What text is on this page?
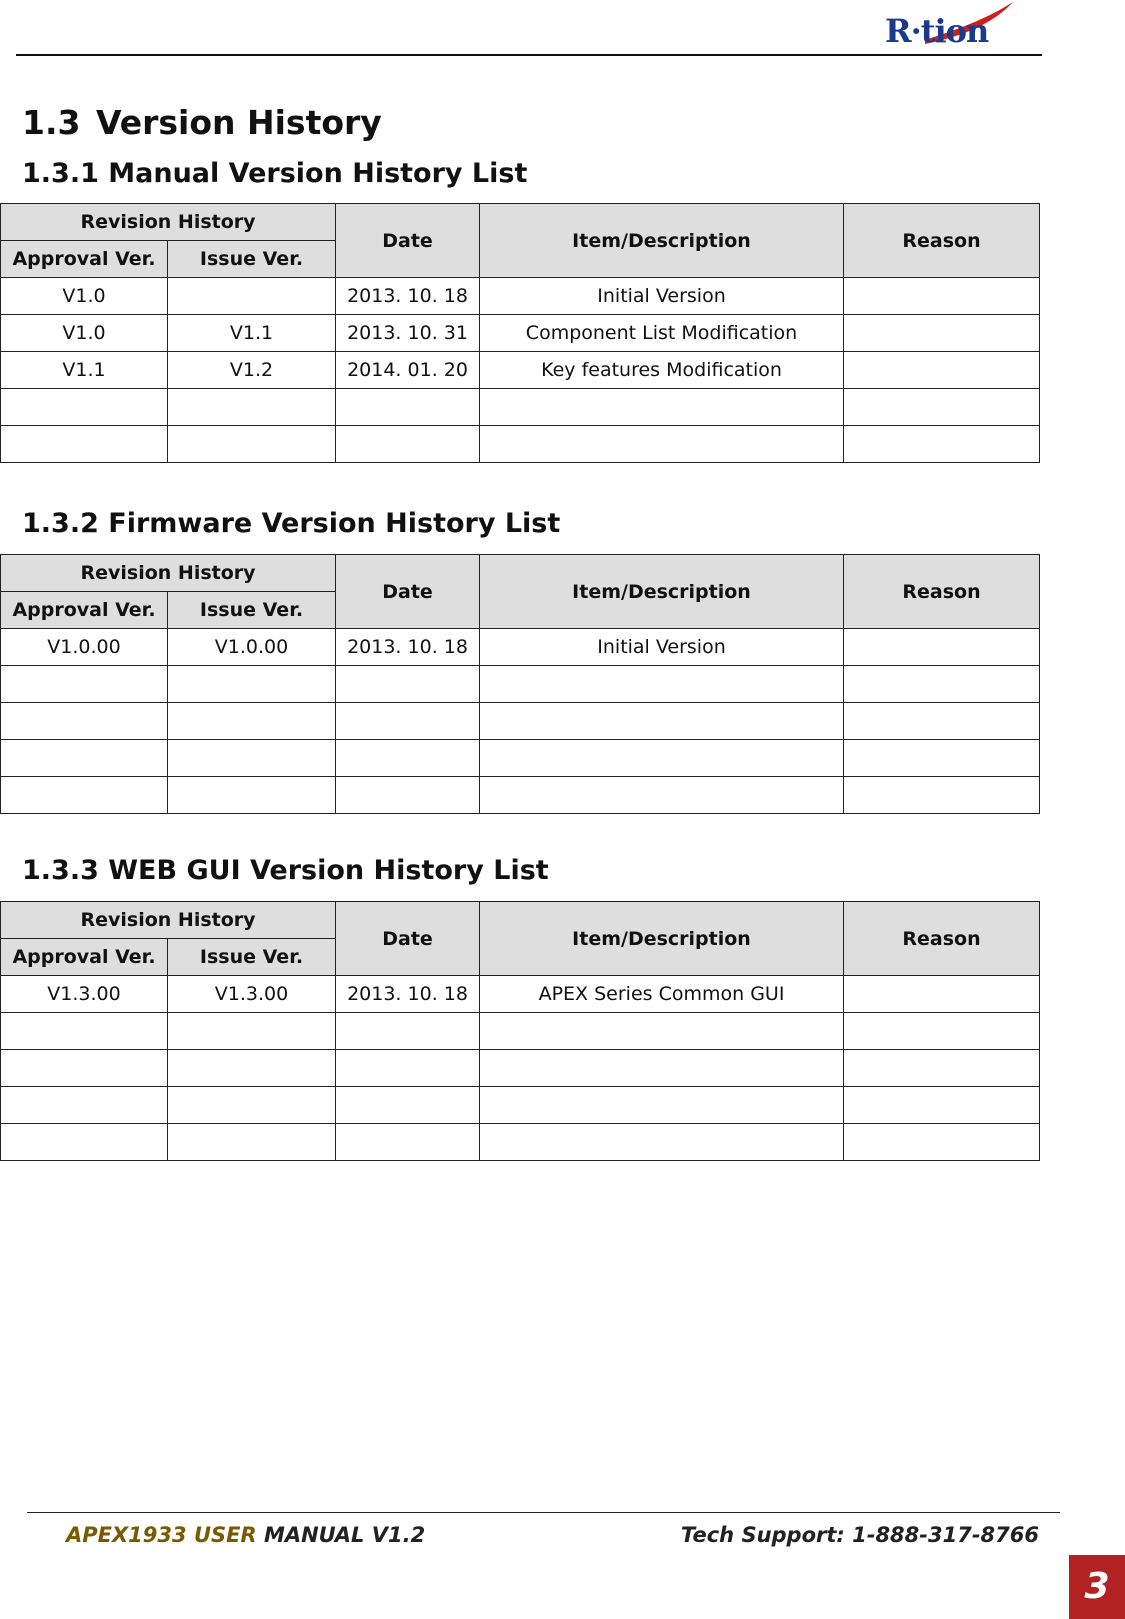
R·tion
1.3 Version History
1.3.1 Manual Version History List
Revision History		Date	Item/Description	Reason
Approval Ver.	Issue Ver.			
V1.0		2013. 10. 18	Initial Version	
V1.0	V1.1	2013. 10. 31	Component List Modification	
V1.1	V1.2	2014. 01. 20	Key features Modification	

1.3.2 Firmware Version History List
Revision History		Date	Item/Description	Reason
Approval Ver.	Issue Ver.			
V1.0.00	V1.0.00	2013. 10. 18	Initial Version	

1.3.3 WEB GUI Version History List
Revision History		Date	Item/Description	Reason
Approval Ver.	Issue Ver.			
V1.3.00	V1.3.00	2013. 10. 18	APEX Series Common GUI	

APEX1933 USER MANUAL V1.2	Tech Support: 1-888-317-8766
3
